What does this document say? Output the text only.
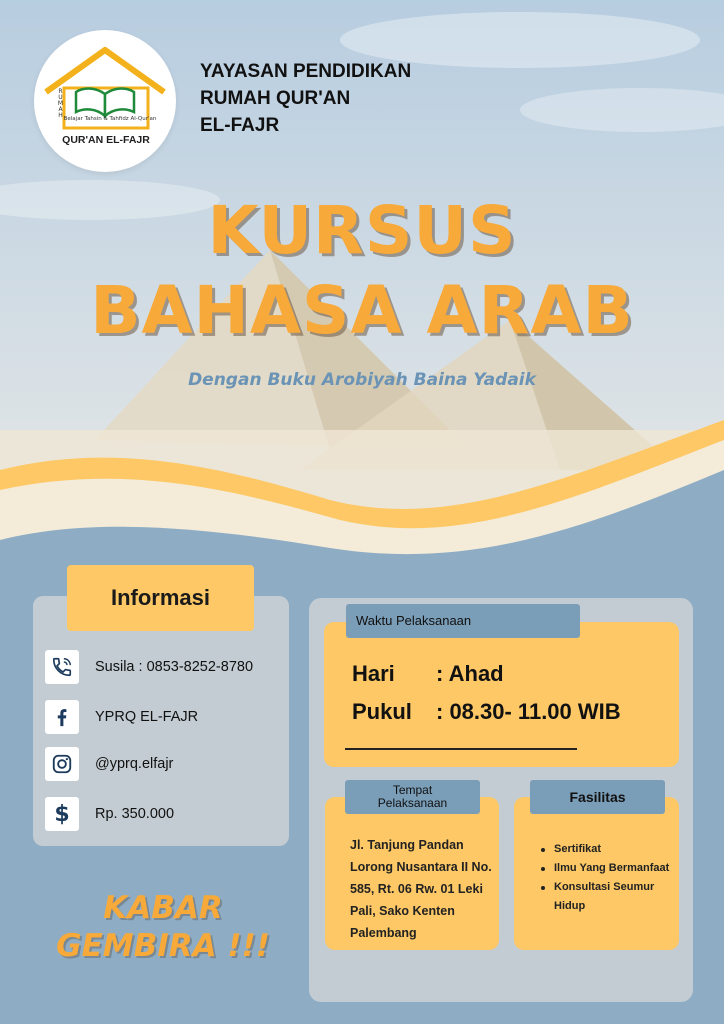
RUMAH
Belajar Tahsin & Tahfidz Al-Qur'an
QUR'AN EL-FAJR
YAYASAN PENDIDIKAN
RUMAH QUR'AN
EL-FAJR
KURSUS
BAHASA ARAB
Dengan Buku Arobiyah Baina Yadaik
Informasi
Susila : 0853-8252-8780
YPRQ EL-FAJR
@yprq.elfajr
$ Rp. 350.000
KABAR
GEMBIRA !!!
Waktu Pelaksanaan
Hari : Ahad
Pukul : 08.30- 11.00 WIB
Tempat
Pelaksanaan
Jl. Tanjung Pandan Lorong Nusantara II No. 585, Rt. 06 Rw. 01 Leki Pali, Sako Kenten Palembang
Fasilitas
Sertifikat
Ilmu Yang Bermanfaat
Konsultasi Seumur Hidup
